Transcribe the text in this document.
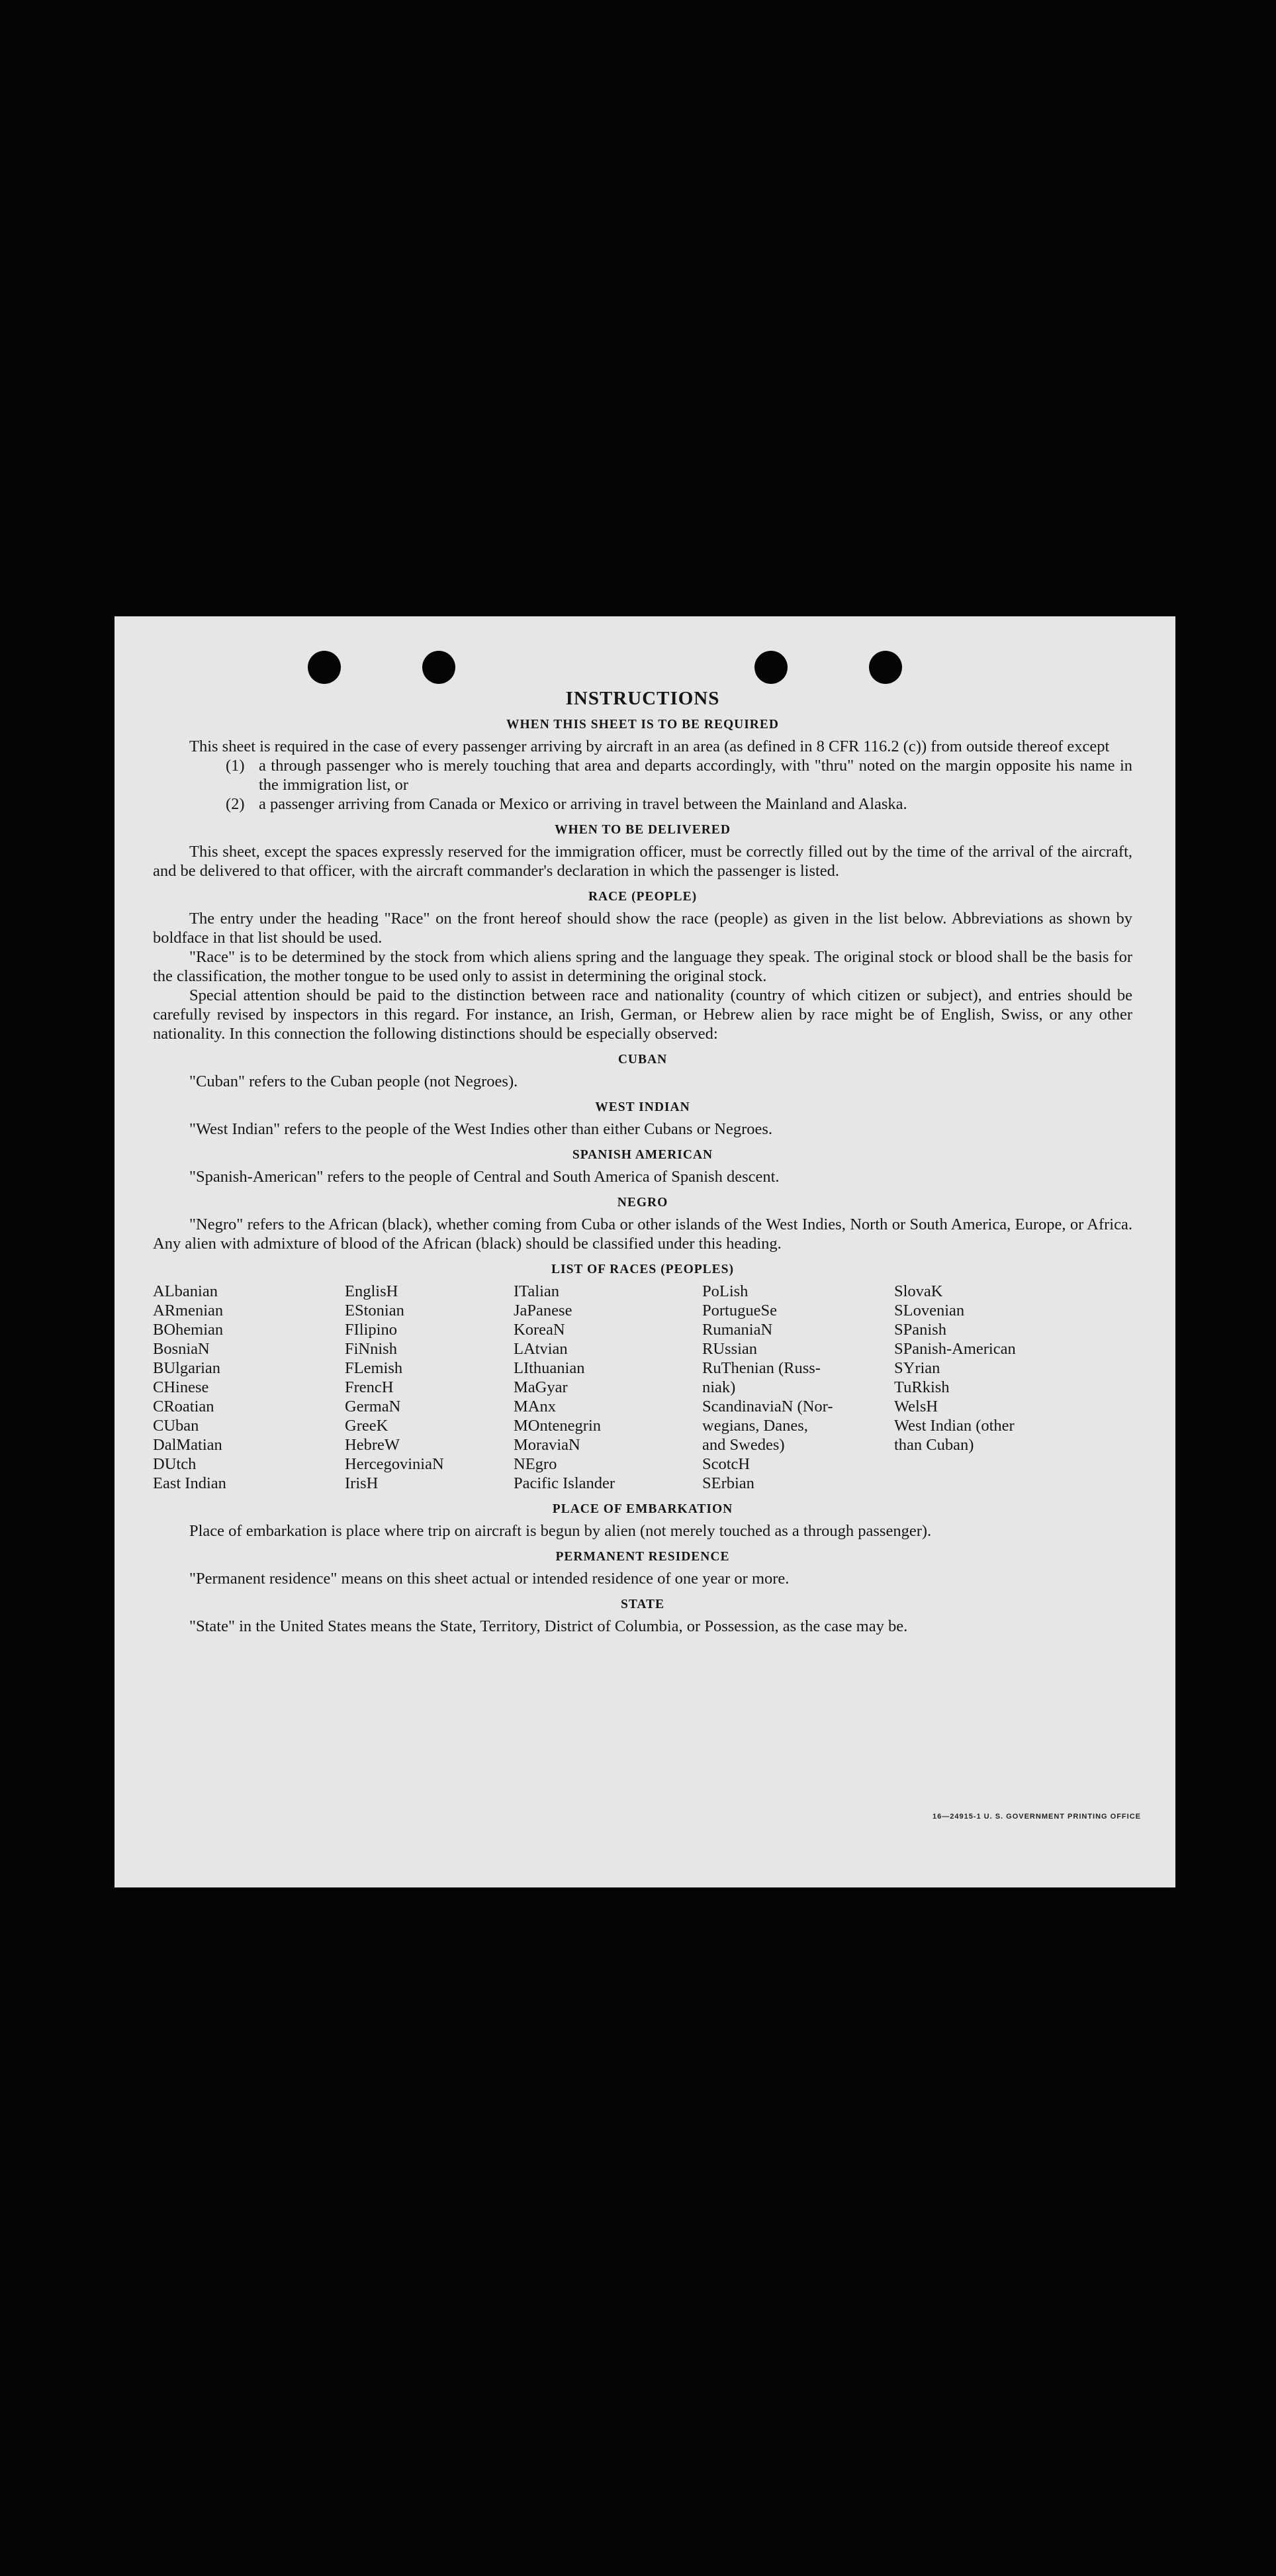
INSTRUCTIONS
WHEN THIS SHEET IS TO BE REQUIRED

This sheet is required in the case of every passenger arriving by aircraft in an area (as defined in 8 CFR 116.2 (c)) from outside thereof except

(1) a through passenger who is merely touching that area and departs accordingly, with "thru" noted on the margin opposite his name in the immigration list, or
(2) a passenger arriving from Canada or Mexico or arriving in travel between the Mainland and Alaska.
WHEN TO BE DELIVERED

This sheet, except the spaces expressly reserved for the immigration officer, must be correctly filled out by the time of the arrival of the aircraft, and be delivered to that officer, with the aircraft commander's declaration in which the passenger is listed.

RACE (PEOPLE)

The entry under the heading "Race" on the front hereof should show the race (people) as given in the list below. Abbreviations as shown by boldface in that list should be used.

"Race" is to be determined by the stock from which aliens spring and the language they speak. The original stock or blood shall be the basis for the classification, the mother tongue to be used only to assist in determining the original stock.

Special attention should be paid to the distinction between race and nationality (country of which citizen or subject), and entries should be carefully revised by inspectors in this regard. For instance, an Irish, German, or Hebrew alien by race might be of English, Swiss, or any other nationality. In this connection the following distinctions should be especially observed:

CUBAN

"Cuban" refers to the Cuban people (not Negroes).

WEST INDIAN

"West Indian" refers to the people of the West Indies other than either Cubans or Negroes.

SPANISH AMERICAN

"Spanish-American" refers to the people of Central and South America of Spanish descent.

NEGRO

"Negro" refers to the African (black), whether coming from Cuba or other islands of the West Indies, North or South America, Europe, or Africa. Any alien with admixture of blood of the African (black) should be classified under this heading.

LIST OF RACES (PEOPLES)
ALbanian
ARmenian
BOhemian
BosniaN
BUlgarian
CHinese
CRoatian
CUban
DalMatian
DUtch
East Indian
EnglisH
EStonian
FIlipino
FiNnish
FLemish
FrencH
GermaN
GreeK
HebreW
HercegoviniaN
IrisH
ITalian
JaPanese
KoreaN
LAtvian
LIthuanian
MaGyar
MAnx
MOntenegrin
MoraviaN
NEgro
Pacific Islander
PoLish
PortugueSe
RumaniaN
RUssian
RuThenian (Russ-
niak)
ScandinaviaN (Nor-
wegians, Danes,
and Swedes)
ScotcH
SErbian
SlovaK
SLovenian
SPanish
SPanish-American
SYrian
TuRkish
WelsH
West Indian (other
than Cuban)
PLACE OF EMBARKATION

Place of embarkation is place where trip on aircraft is begun by alien (not merely touched as a through passenger).

PERMANENT RESIDENCE

"Permanent residence" means on this sheet actual or intended residence of one year or more.

STATE

"State" in the United States means the State, Territory, District of Columbia, or Possession, as the case may be.

16—24915-1 U. S. GOVERNMENT PRINTING OFFICE
